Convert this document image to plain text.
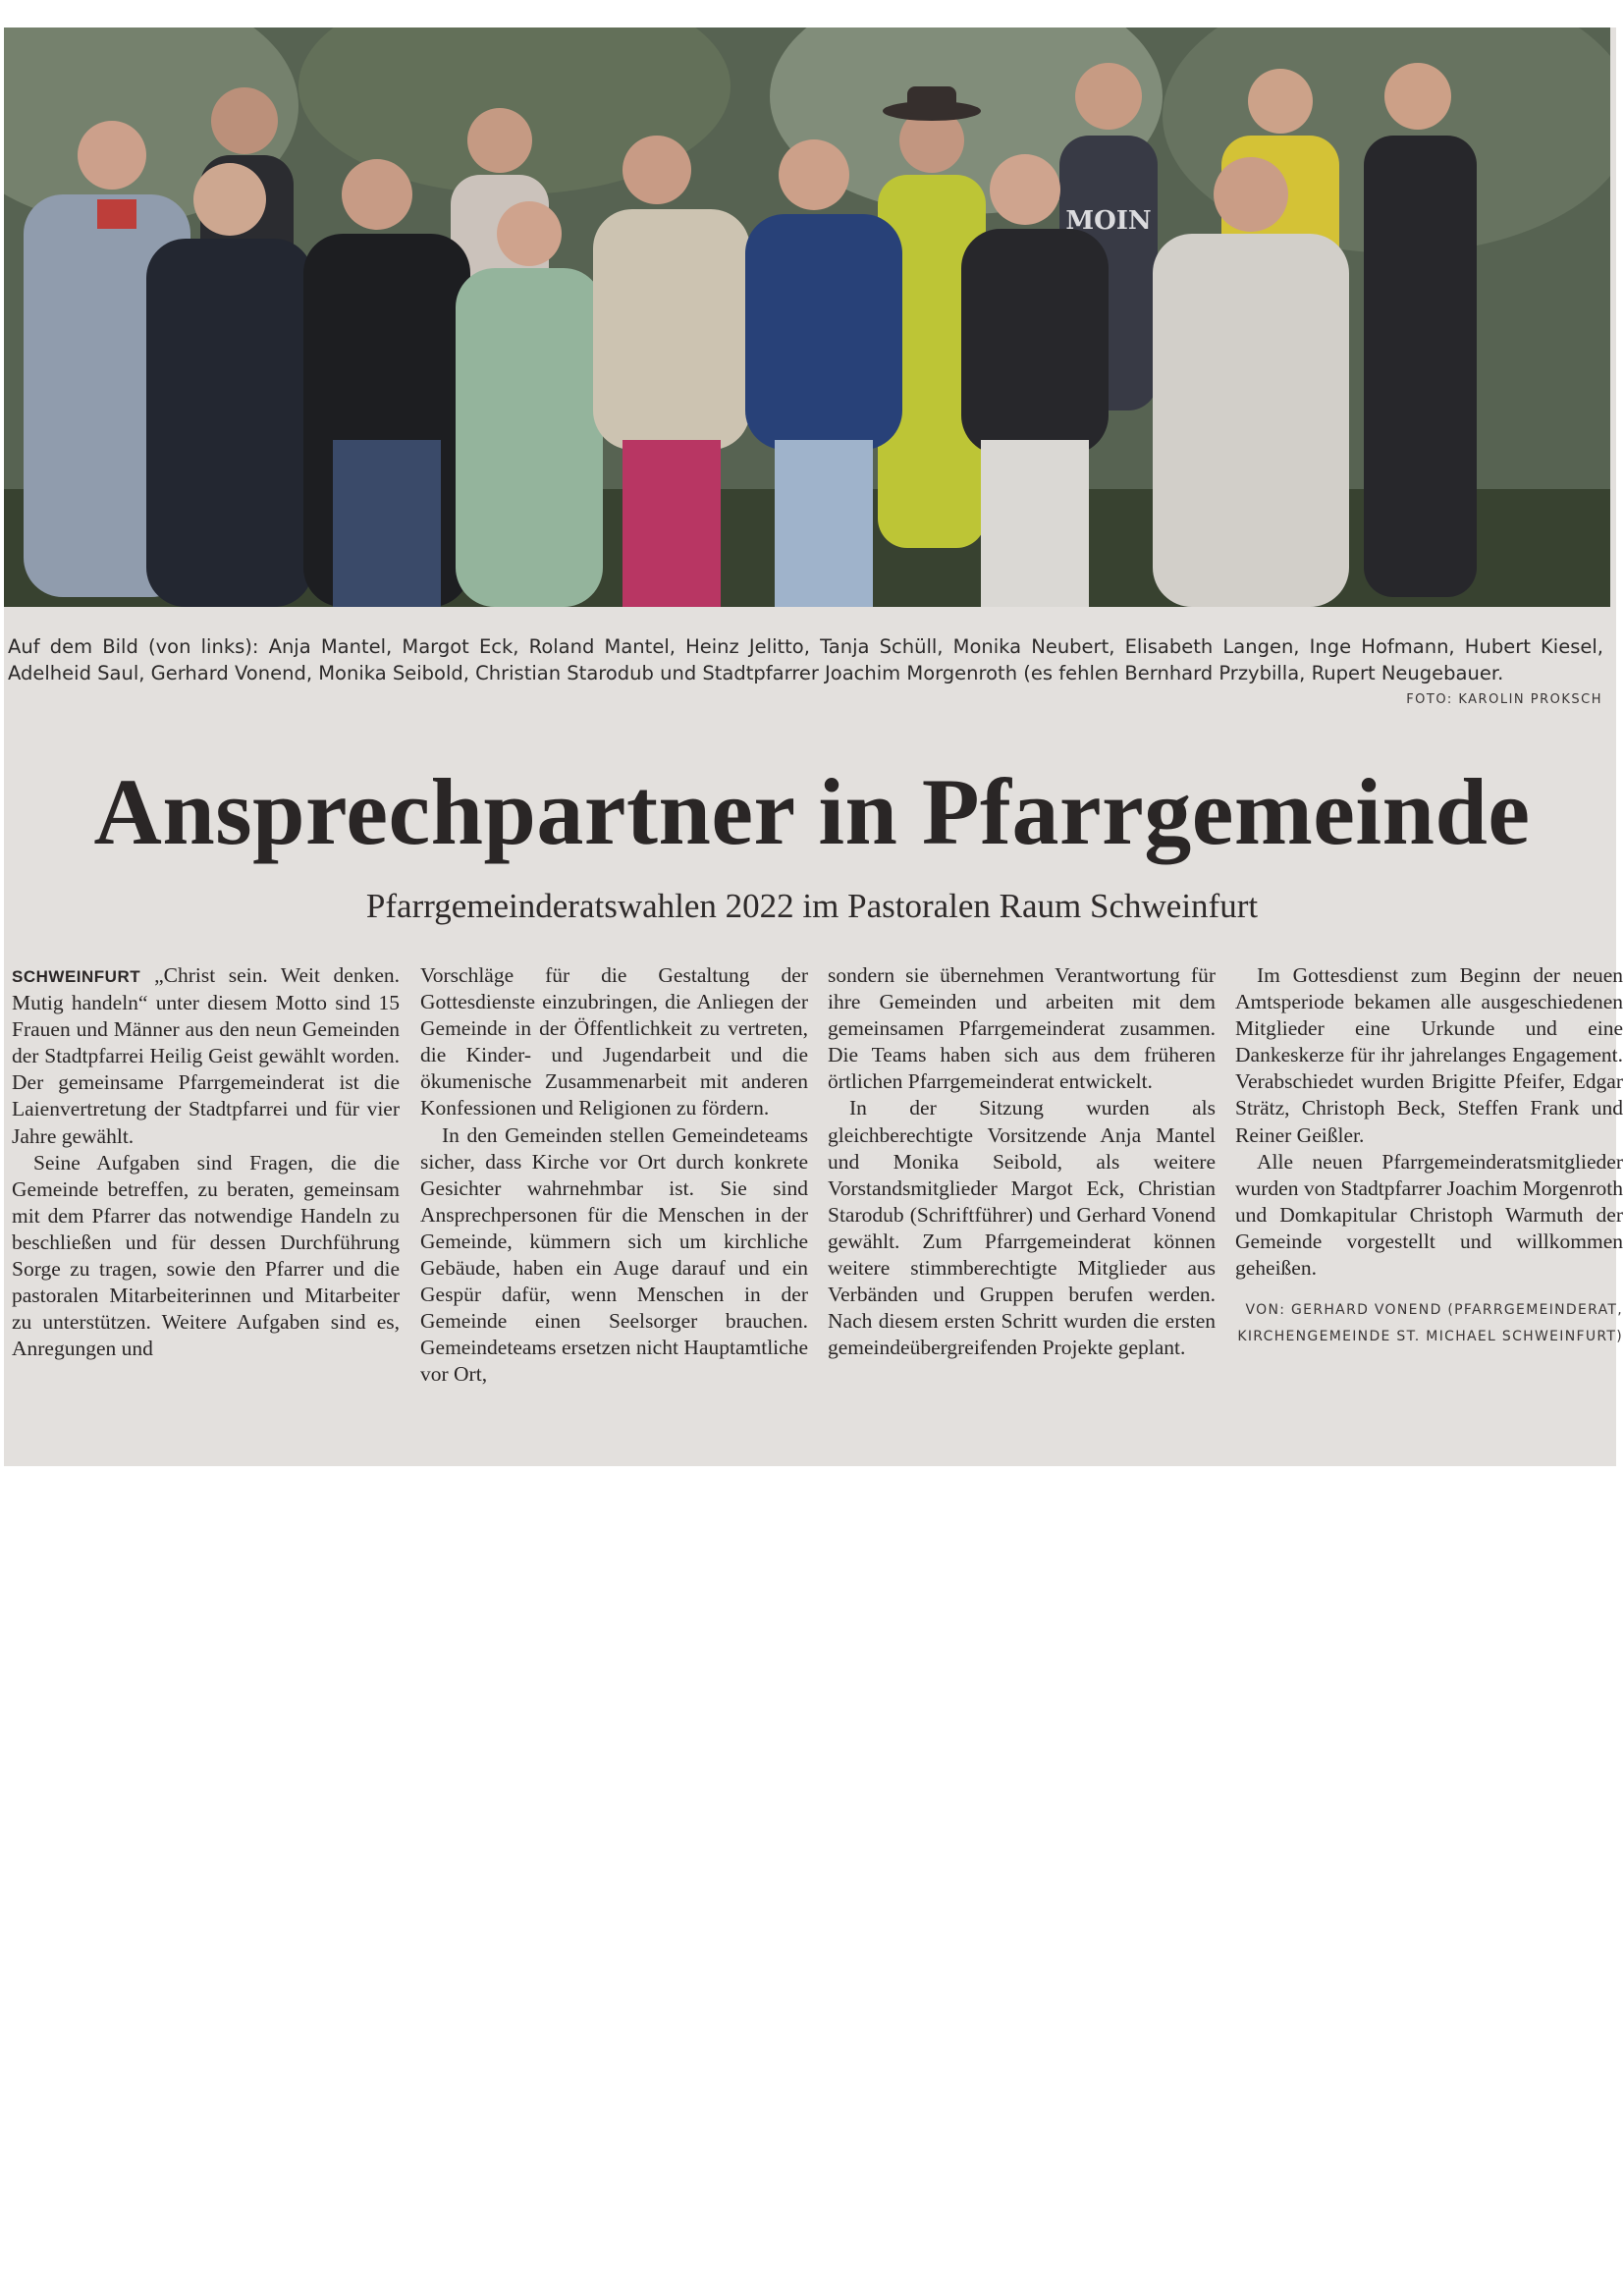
MOIN
Auf dem Bild (von links): Anja Mantel, Margot Eck, Roland Mantel, Heinz Jelitto, Tanja Schüll, Monika Neubert, Elisabeth Langen, Inge Hofmann, Hubert Kiesel, Adelheid Saul, Gerhard Vonend, Monika Seibold, Christian Starodub und Stadtpfarrer Joachim Morgenroth (es fehlen Bernhard Przybilla, Rupert Neugebauer.
FOTO: KAROLIN PROKSCH
Ansprechpartner in Pfarrgemeinde
Pfarrgemeinderatswahlen 2022 im Pastoralen Raum Schweinfurt

SCHWEINFURT „Christ sein. Weit denken. Mutig handeln“ unter diesem Motto sind 15 Frauen und Männer aus den neun Gemeinden der Stadtpfarrei Heilig Geist gewählt worden. Der gemeinsame Pfarrgemeinderat ist die Laienvertretung der Stadtpfarrei und für vier Jahre gewählt.

Seine Aufgaben sind Fragen, die die Gemeinde betreffen, zu beraten, gemeinsam mit dem Pfarrer das notwendige Handeln zu beschließen und für dessen Durchführung Sorge zu tragen, sowie den Pfarrer und die pastoralen Mitarbeiterinnen und Mitarbeiter zu unterstützen. Weitere Aufgaben sind es, Anregungen und

Vorschläge für die Gestaltung der Gottesdienste einzubringen, die Anliegen der Gemeinde in der Öffentlichkeit zu vertreten, die Kinder- und Jugendarbeit und die ökumenische Zusammenarbeit mit anderen Konfessionen und Religionen zu fördern.

In den Gemeinden stellen Gemeindeteams sicher, dass Kirche vor Ort durch konkrete Gesichter wahrnehmbar ist. Sie sind Ansprechpersonen für die Menschen in der Gemeinde, kümmern sich um kirchliche Gebäude, haben ein Auge darauf und ein Gespür dafür, wenn Menschen in der Gemeinde einen Seelsorger brauchen. Gemeindeteams ersetzen nicht Hauptamtliche vor Ort,

sondern sie übernehmen Verantwortung für ihre Gemeinden und arbeiten mit dem gemeinsamen Pfarrgemeinderat zusammen. Die Teams haben sich aus dem früheren örtlichen Pfarrgemeinderat entwickelt.

In der Sitzung wurden als gleichberechtigte Vorsitzende Anja Mantel und Monika Seibold, als weitere Vorstandsmitglieder Margot Eck, Christian Starodub (Schriftführer) und Gerhard Vonend gewählt. Zum Pfarrgemeinderat können weitere stimmberechtigte Mitglieder aus Verbänden und Gruppen berufen werden. Nach diesem ersten Schritt wurden die ersten gemeindeübergreifenden Projekte geplant.

Im Gottesdienst zum Beginn der neuen Amtsperiode bekamen alle ausgeschiedenen Mitglieder eine Urkunde und eine Dankeskerze für ihr jahrelanges Engagement. Verabschiedet wurden Brigitte Pfeifer, Edgar Strätz, Christoph Beck, Steffen Frank und Reiner Geißler.

Alle neuen Pfarrgemeinderatsmitglieder wurden von Stadtpfarrer Joachim Morgenroth und Domkapitular Christoph Warmuth der Gemeinde vorgestellt und willkommen geheißen.

VON: GERHARD VONEND (PFARRGEMEINDERAT, KIRCHENGEMEINDE ST. MICHAEL SCHWEINFURT)
